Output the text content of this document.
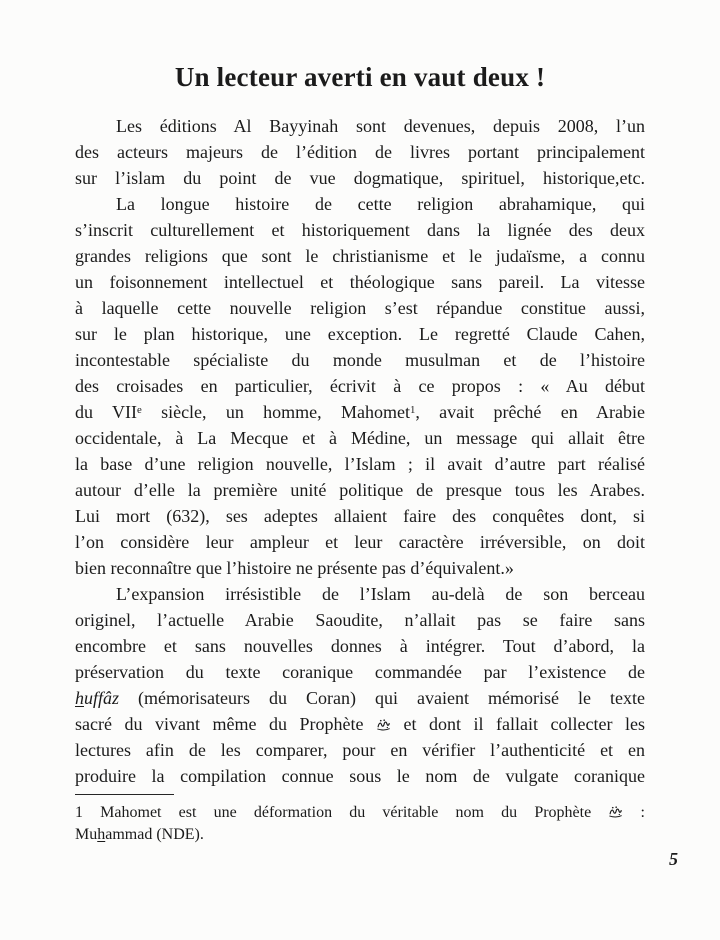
Un lecteur averti en vaut deux !
Les éditions Al Bayyinah sont devenues, depuis 2008, l’un
des acteurs majeurs de l’édition de livres portant principalement
sur l’islam du point de vue dogmatique, spirituel, historique,etc.
La longue histoire de cette religion abrahamique, qui
s’inscrit culturellement et historiquement dans la lignée des deux
grandes religions que sont le christianisme et le judaïsme, a connu
un foisonnement intellectuel et théologique sans pareil. La vitesse
à laquelle cette nouvelle religion s’est répandue constitue aussi,
sur le plan historique, une exception. Le regretté Claude Cahen,
incontestable spécialiste du monde musulman et de l’histoire
des croisades en particulier, écrivit à ce propos : « Au début
du VIIe siècle, un homme, Mahomet$^1$, avait prêché en Arabie
occidentale, à La Mecque et à Médine, un message qui allait être
la base d’une religion nouvelle, l’Islam ; il avait d’autre part réalisé
autour d’elle la première unité politique de presque tous les Arabes.
Lui mort (632), ses adeptes allaient faire des conquêtes dont, si
l’on considère leur ampleur et leur caractère irréversible, on doit
bien reconnaître que l’histoire ne présente pas d’équivalent.»
L’expansion irrésistible de l’Islam au-delà de son berceau
originel, l’actuelle Arabie Saoudite, n’allait pas se faire sans
encombre et sans nouvelles donnes à intégrer. Tout d’abord, la
préservation du texte coranique commandée par l’existence de
huffâz (mémorisateurs du Coran) qui avaient mémorisé le texte
sacré du vivant même du Prophète
et dont il fallait collecter les
lectures afin de les comparer, pour en vérifier l’authenticité et en
produire la compilation connue sous le nom de vulgate coranique
1 Mahomet est une déformation du véritable nom du Prophète
:
Muhammad (NDE).
5
